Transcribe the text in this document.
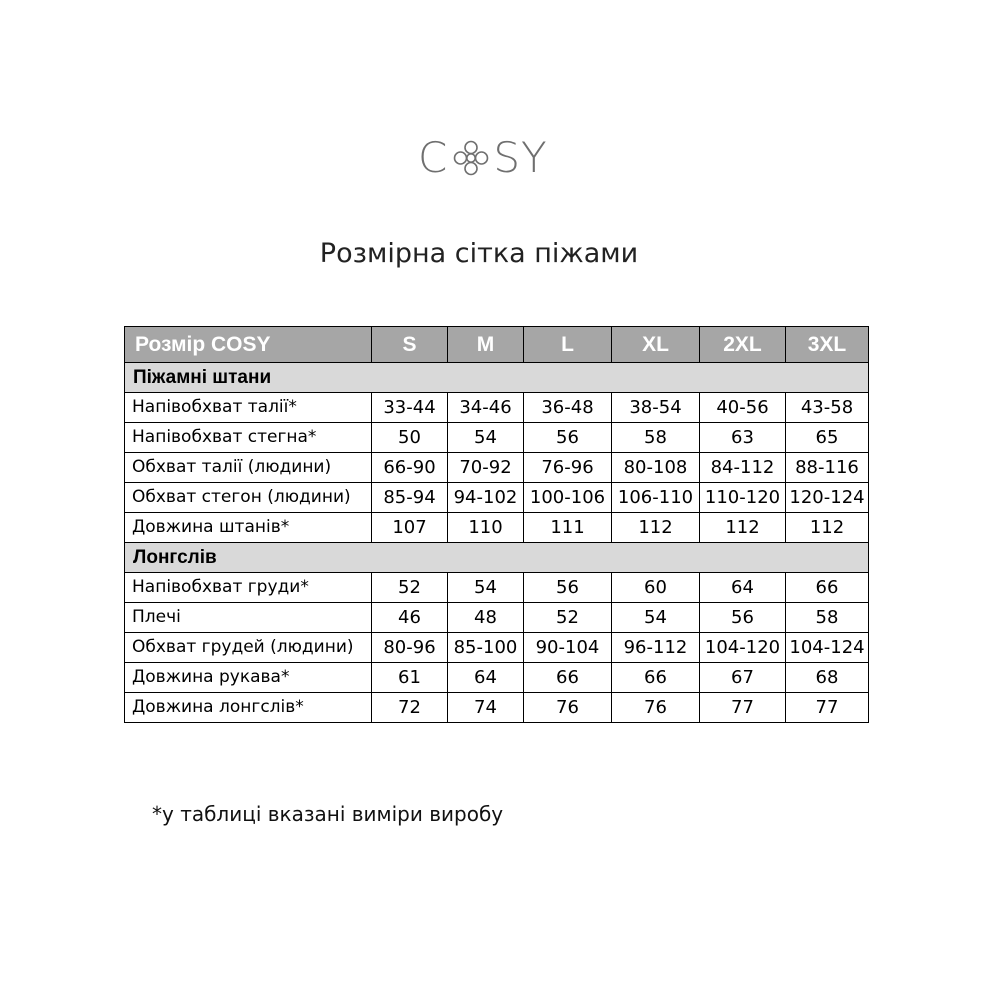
C SY
Розмірна сітка піжами
Розмір COSY	S	M	L	XL	2XL	3XL
Піжамні штани						
Напівобхват талії*	33-44	34-46	36-48	38-54	40-56	43-58
Напівобхват стегна*	50	54	56	58	63	65
Обхват талії (людини)	66-90	70-92	76-96	80-108	84-112	88-116
Обхват стегон (людини)	85-94	94-102	100-106	106-110	110-120	120-124
Довжина штанів*	107	110	111	112	112	112
Лонгслів						
Напівобхват груди*	52	54	56	60	64	66
Плечі	46	48	52	54	56	58
Обхват грудей (людини)	80-96	85-100	90-104	96-112	104-120	104-124
Довжина рукава*	61	64	66	66	67	68
Довжина лонгслів*	72	74	76	76	77	77
*у таблиці вказані виміри виробу
